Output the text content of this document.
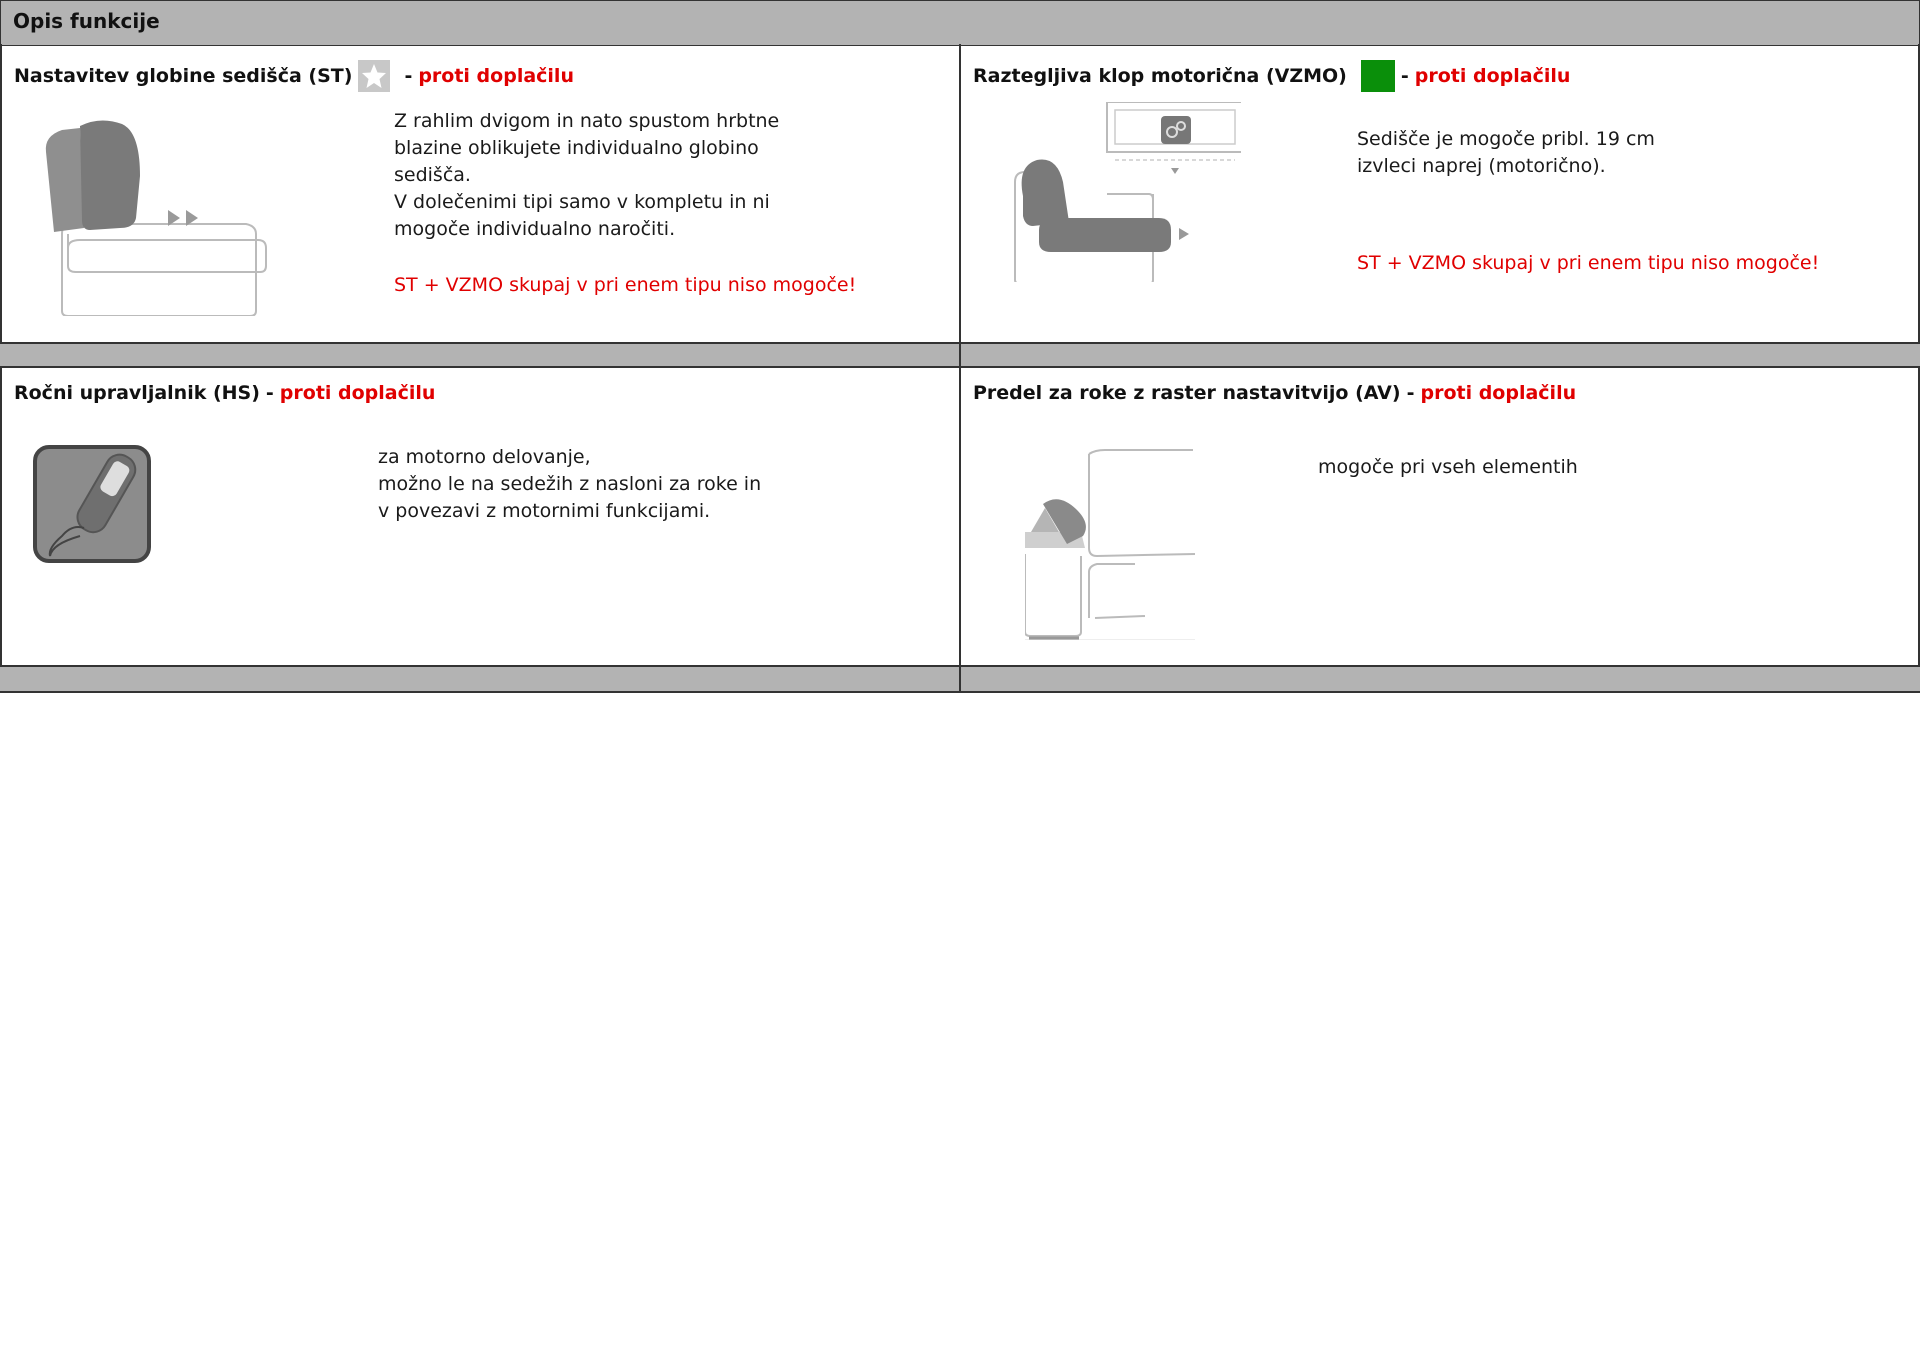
Opis funkcije
Nastavitev globine sedišča (ST)	- proti doplačilu
Z rahlim dvigom in nato spustom hrbtne
blazine oblikujete individualno globino
sedišča.
V dolečenimi tipi samo v kompletu in ni
mogoče individualno naročiti.
ST + VZMO skupaj v pri enem tipu niso mogoče!
Raztegljiva klop motorična (VZMO)	- proti doplačilu
Sedišče je mogoče pribl. 19 cm
izvleci naprej (motorično).
ST + VZMO skupaj v pri enem tipu niso mogoče!
Ročni upravljalnik (HS) - proti doplačilu
za motorno delovanje,
možno le na sedežih z nasloni za roke in
v povezavi z motornimi funkcijami.
Predel za roke z raster nastavitvijo (AV) - proti doplačilu
mogoče pri vseh elementih
